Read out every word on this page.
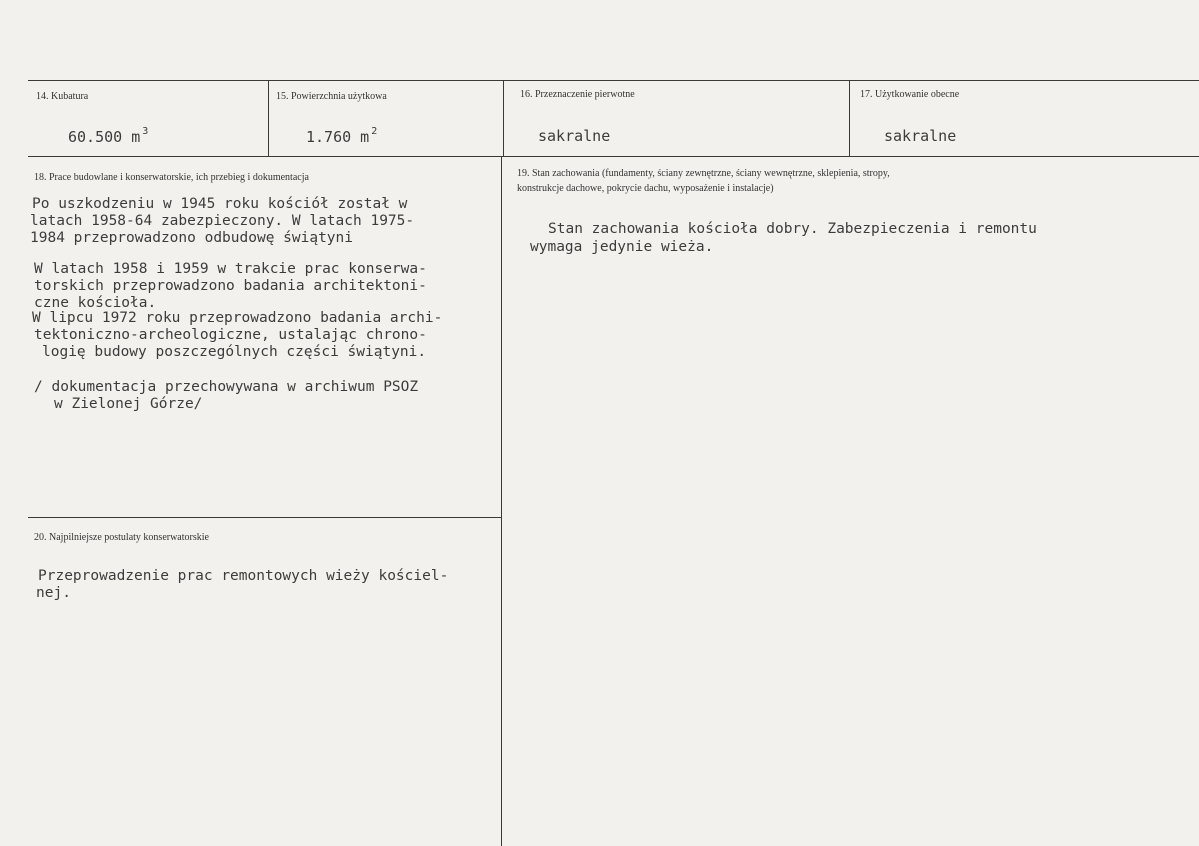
14. Kubatura
60.500 m $^3$
15. Powierzchnia użytkowa
1.760 m $^2$
16. Przeznaczenie pierwotne
sakralne
17. Użytkowanie obecne
sakralne
18. Prace budowlane i konserwatorskie, ich przebieg i dokumentacja

Po uszkodzeniu w 1945 roku kościół został w

latach 1958-64 zabezpieczony. W latach 1975-

1984 przeprowadzono odbudowę świątyni

W latach 1958 i 1959 w trakcie prac konserwa-

torskich przeprowadzono badania architektoni-

czne kościoła.

W lipcu 1972 roku przeprowadzono badania archi-

tektoniczno-archeologiczne, ustalając chrono-

logię budowy poszczególnych części świątyni.

/ dokumentacja przechowywana w archiwum PSOZ

w Zielonej Górze/

19. Stan zachowania (fundamenty, ściany zewnętrzne, ściany wewnętrzne, sklepienia, stropy,
konstrukcje dachowe, pokrycie dachu, wyposażenie i instalacje)

Stan zachowania kościoła dobry. Zabezpieczenia i remontu

wymaga jedynie wieża.

20. Najpilniejsze postulaty konserwatorskie

Przeprowadzenie prac remontowych wieży kościel-

nej.
